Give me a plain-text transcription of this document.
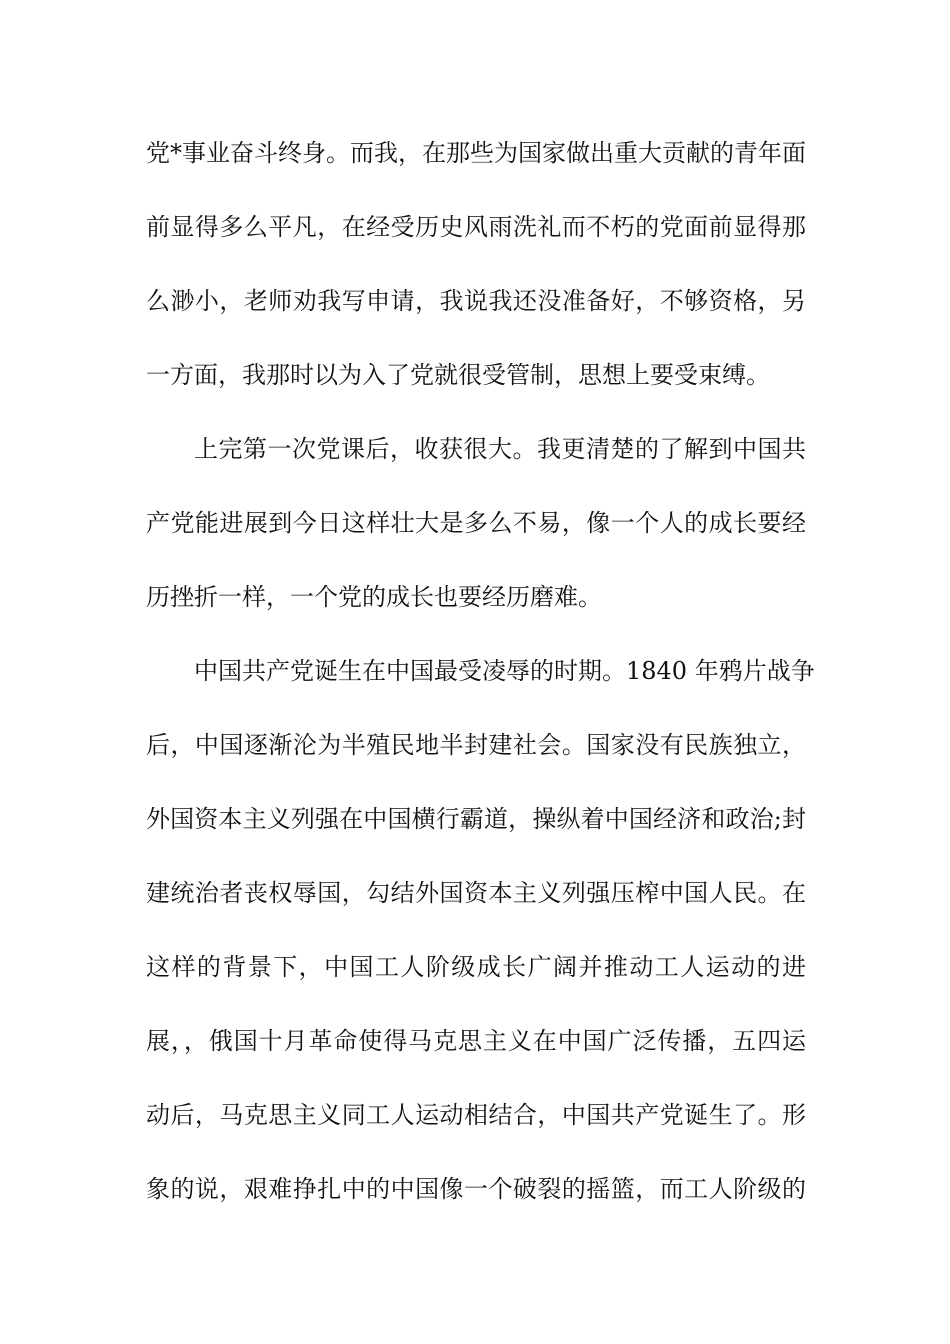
党*事业奋斗终身。而我，在那些为国家做出重大贡献的青年面
前显得多么平凡，在经受历史风雨洗礼而不朽的党面前显得那
么渺小，老师劝我写申请，我说我还没准备好，不够资格，另
一方面，我那时以为入了党就很受管制，思想上要受束缚。
上完第一次党课后，收获很大。我更清楚的了解到中国共
产党能进展到今日这样壮大是多么不易，像一个人的成长要经
历挫折一样，一个党的成长也要经历磨难。
中国共产党诞生在中国最受凌辱的时期。1840 年鸦片战争
后，中国逐渐沦为半殖民地半封建社会。国家没有民族独立，
外国资本主义列强在中国横行霸道，操纵着中国经济和政治;封
建统治者丧权辱国，勾结外国资本主义列强压榨中国人民。在
这样的背景下，中国工人阶级成长广阔并推动工人运动的进
展，，俄国十月革命使得马克思主义在中国广泛传播，五四运
动后，马克思主义同工人运动相结合，中国共产党诞生了。形
象的说，艰难挣扎中的中国像一个破裂的摇篮，而工人阶级的
